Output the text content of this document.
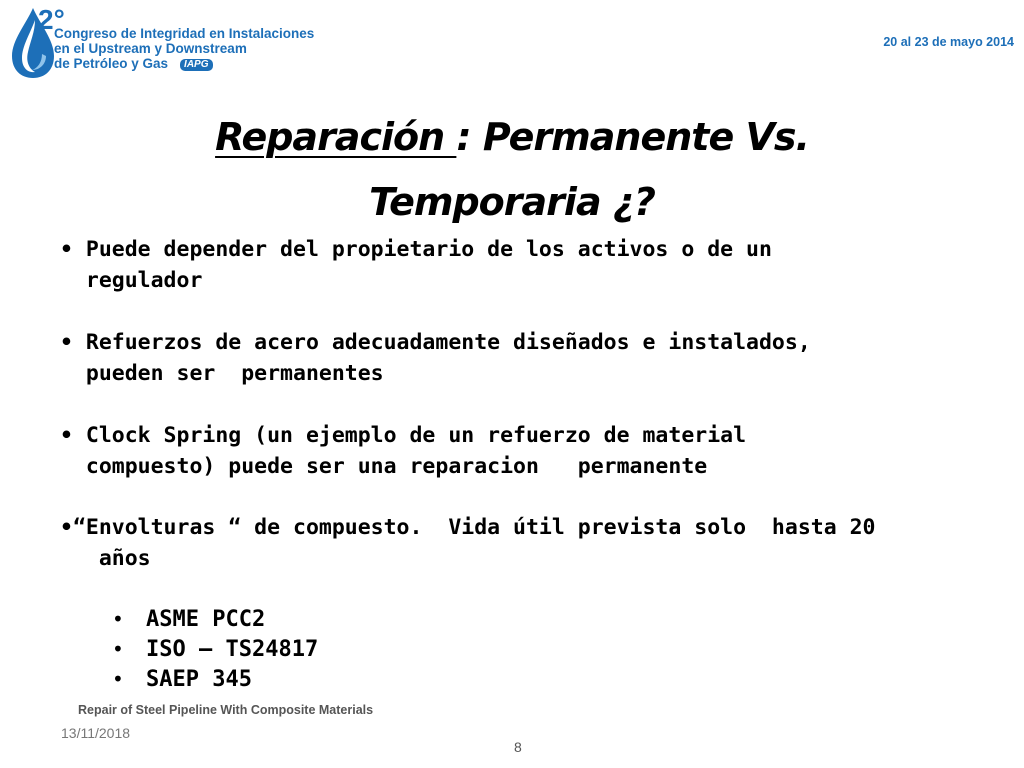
2°
Congreso de Integridad en Instalaciones
en el Upstream y Downstream
de Petróleo y Gas IAPG
20 al 23 de mayo 2014
Reparación : Permanente Vs.
Temporaria ¿?
• Puede depender del propietario de los activos o de un
regulador
• Refuerzos de acero adecuadamente diseñados e instalados,
pueden ser  permanentes
• Clock Spring (un ejemplo de un refuerzo de material
compuesto) puede ser una reparacion   permanente
•“Envolturas “ de compuesto.  Vida útil prevista solo  hasta 20
años
• ASME PCC2
• ISO – TS24817
• SAEP 345
Repair of Steel Pipeline With Composite Materials
13/11/2018
8
